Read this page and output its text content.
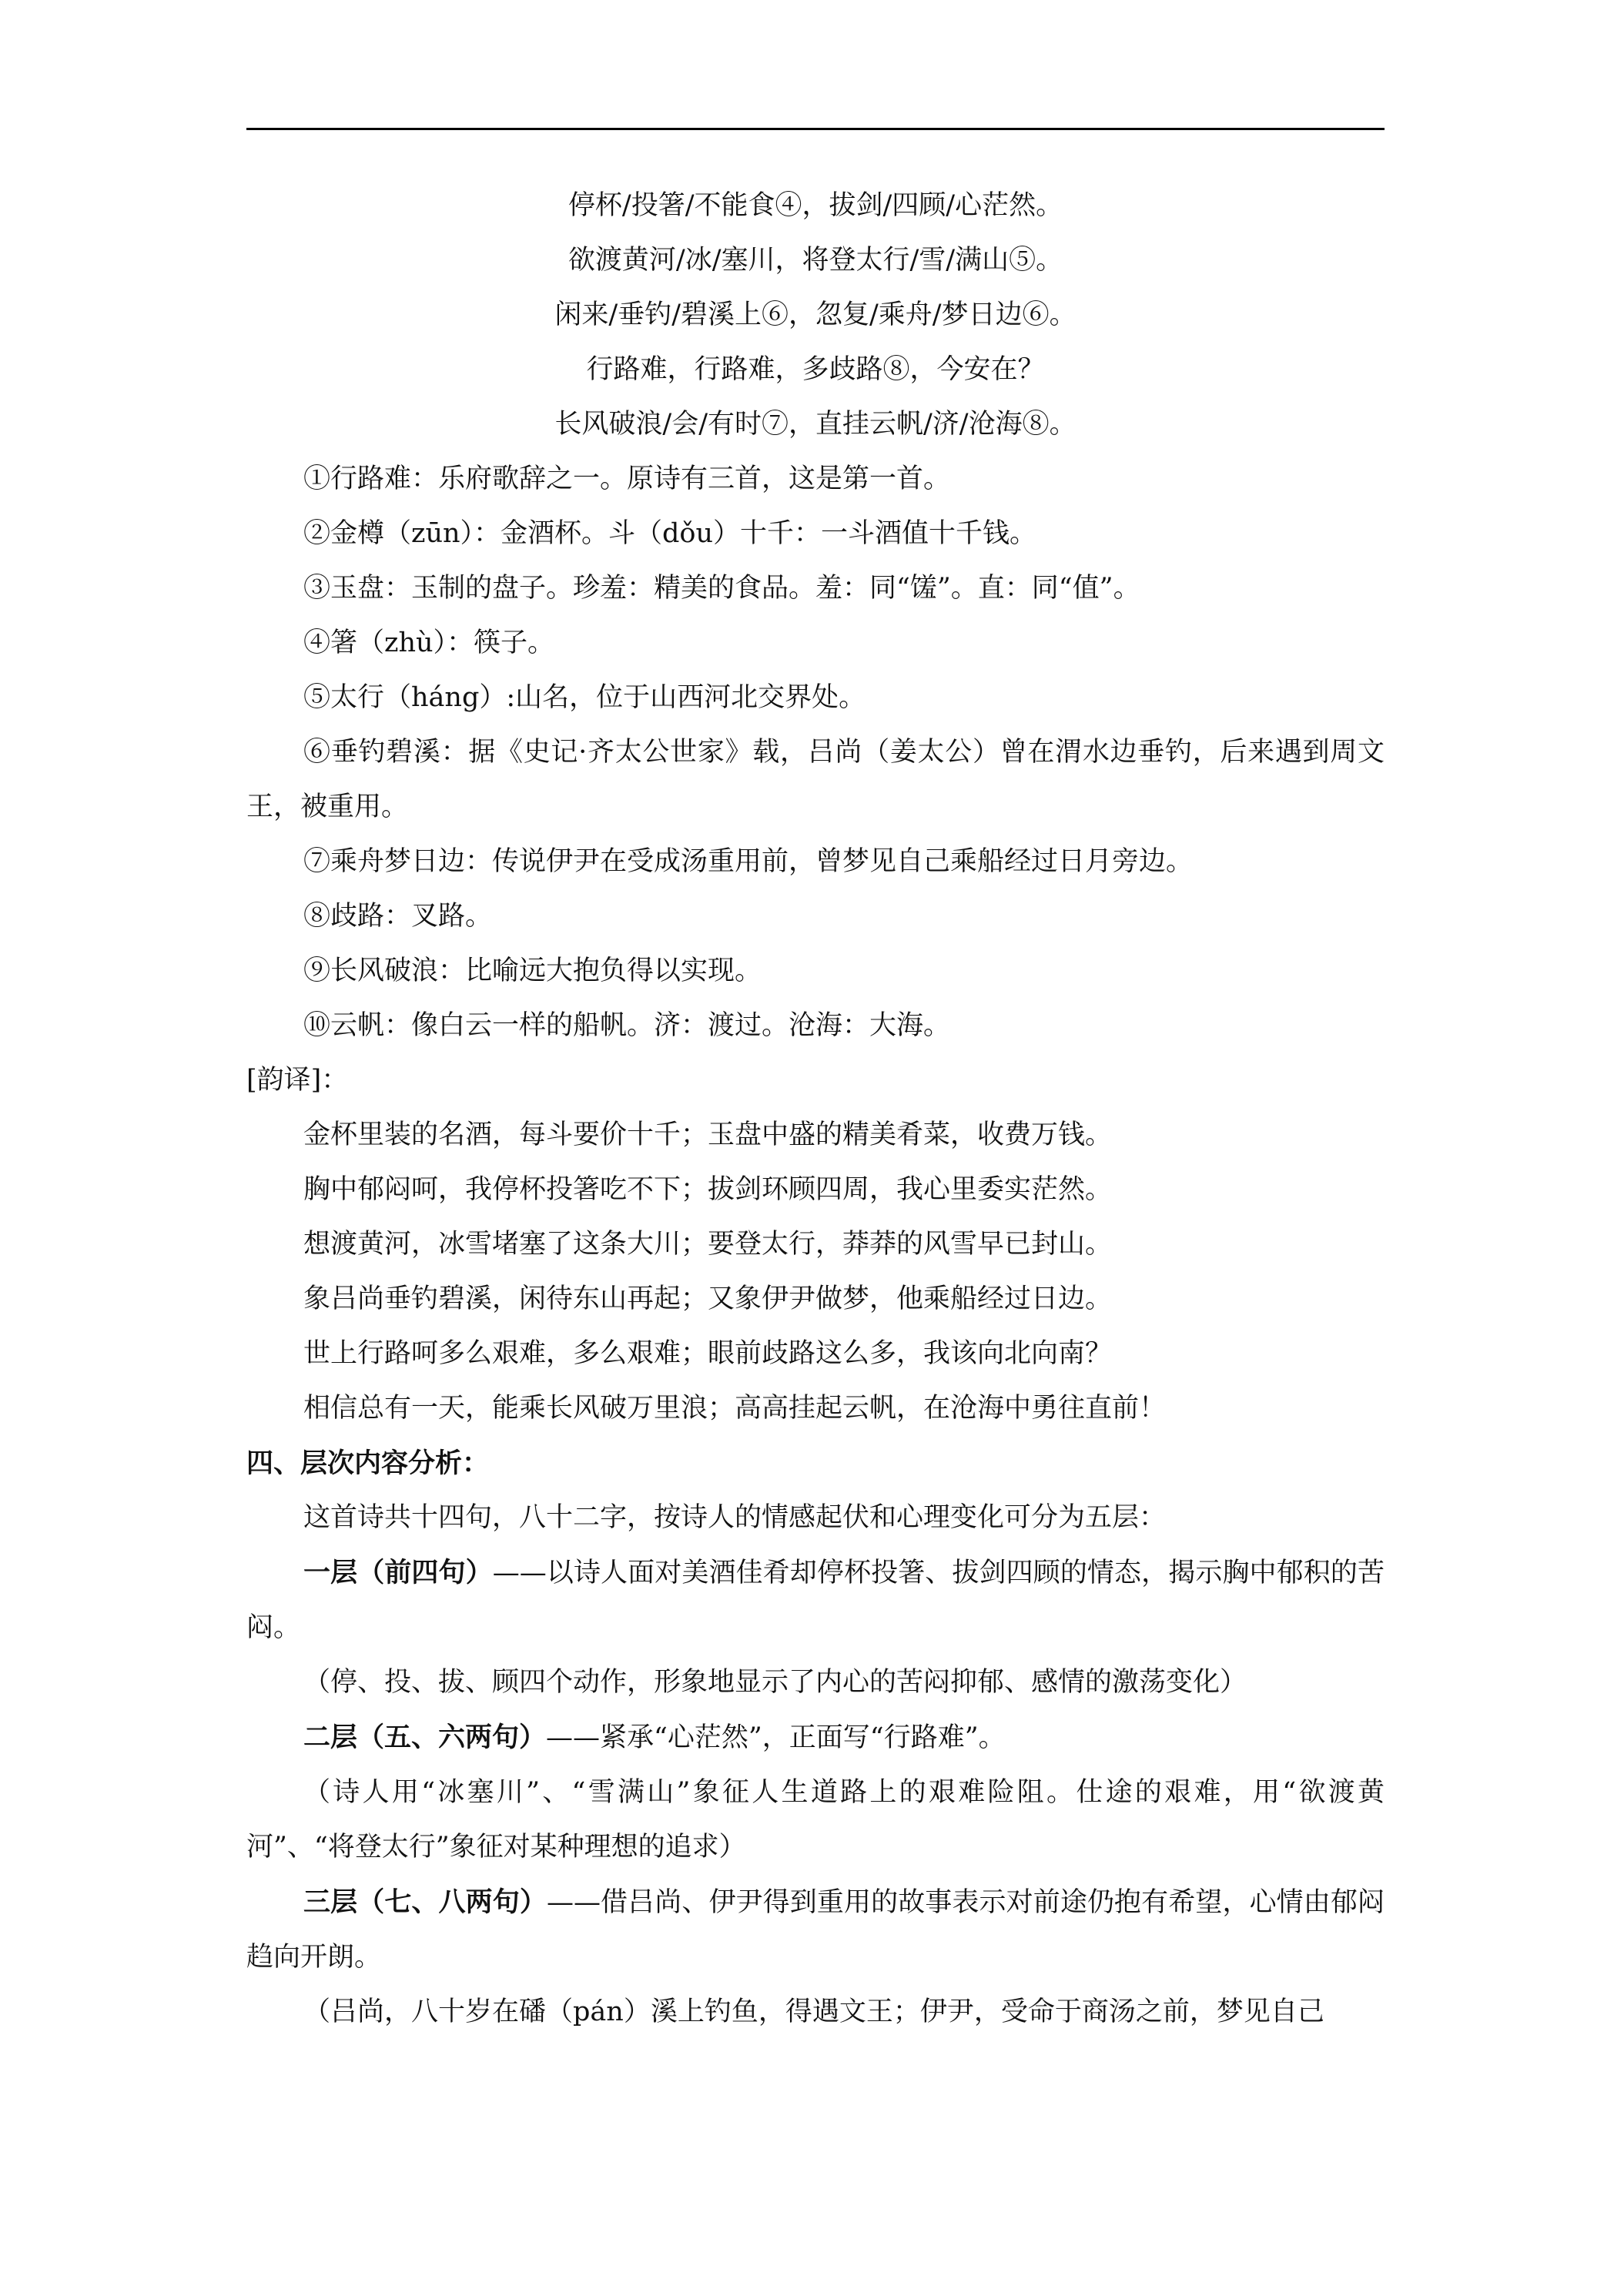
停杯/投箸/不能食④，拔剑/四顾/心茫然。

欲渡黄河/冰/塞川，将登太行/雪/满山⑤。

闲来/垂钓/碧溪上⑥，忽复/乘舟/梦日边⑥。

行路难，行路难，多歧路⑧，今安在？

长风破浪/会/有时⑦，直挂云帆/济/沧海⑧。

①行路难：乐府歌辞之一。原诗有三首，这是第一首。

②金樽（zūn）：金酒杯。斗（dǒu）十千：一斗酒值十千钱。

③玉盘：玉制的盘子。珍羞：精美的食品。羞：同“馐”。直：同“值”。

④箸（zhù）：筷子。

⑤太行（háng）:山名，位于山西河北交界处。

⑥垂钓碧溪：据《史记·齐太公世家》载，吕尚（姜太公）曾在渭水边垂钓，后来遇到周文王，被重用。

⑦乘舟梦日边：传说伊尹在受成汤重用前，曾梦见自己乘船经过日月旁边。

⑧歧路：叉路。

⑨长风破浪：比喻远大抱负得以实现。

⑩云帆：像白云一样的船帆。济：渡过。沧海：大海。

[韵译]：

金杯里装的名酒，每斗要价十千；玉盘中盛的精美肴菜，收费万钱。

胸中郁闷呵，我停杯投箸吃不下；拔剑环顾四周，我心里委实茫然。

想渡黄河，冰雪堵塞了这条大川；要登太行，莽莽的风雪早已封山。

象吕尚垂钓碧溪，闲待东山再起；又象伊尹做梦，他乘船经过日边。

世上行路呵多么艰难，多么艰难；眼前歧路这么多，我该向北向南？

相信总有一天，能乘长风破万里浪；高高挂起云帆，在沧海中勇往直前！

四、层次内容分析：

这首诗共十四句，八十二字，按诗人的情感起伏和心理变化可分为五层：

一层（前四句）——以诗人面对美酒佳肴却停杯投箸、拔剑四顾的情态，揭示胸中郁积的苦闷。

（停、投、拔、顾四个动作，形象地显示了内心的苦闷抑郁、感情的激荡变化）

二层（五、六两句）——紧承“心茫然”，正面写“行路难”。

（诗人用“冰塞川”、“雪满山”象征人生道路上的艰难险阻。仕途的艰难，用“欲渡黄河”、“将登太行”象征对某种理想的追求）

三层（七、八两句）——借吕尚、伊尹得到重用的故事表示对前途仍抱有希望，心情由郁闷趋向开朗。

（吕尚，八十岁在磻（pán）溪上钓鱼，得遇文王；伊尹，受命于商汤之前，梦见自己
